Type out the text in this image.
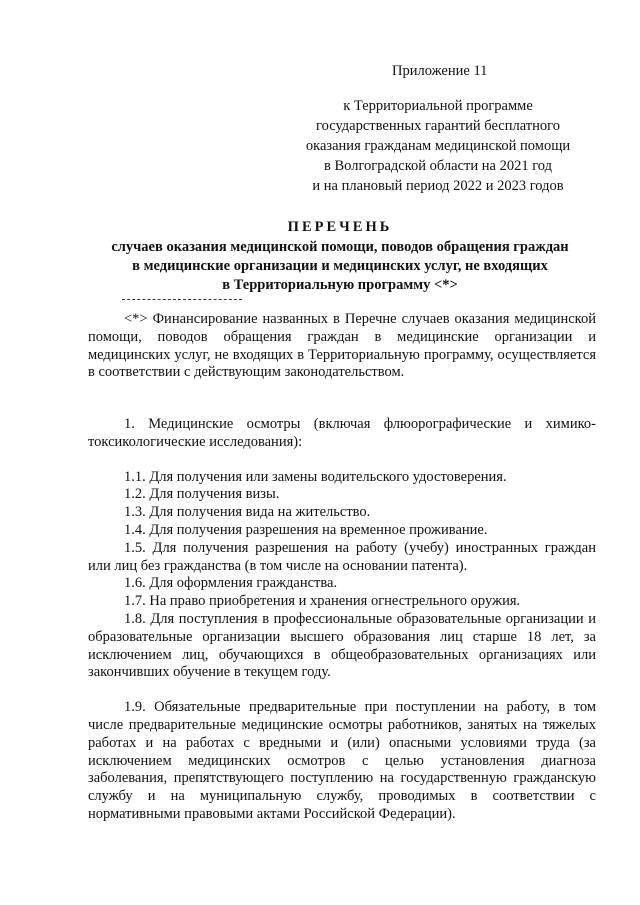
Приложение 11
к Территориальной программе
государственных гарантий бесплатного
оказания гражданам медицинской помощи
в Волгоградской области на 2021 год
и на плановый период 2022 и 2023 годов
ПЕРЕЧЕНЬ
случаев оказания медицинской помощи, поводов обращения граждан
в медицинские организации и медицинских услуг, не входящих
в Территориальную программу <*>

<*> Финансирование названных в Перечне случаев оказания медицинской помощи, поводов обращения граждан в медицинские организации и медицинских услуг, не входящих в Территориальную программу, осуществляется в соответствии с действующим законодательством.

1. Медицинские осмотры (включая флюорографические и химико-токсикологические исследования):

1.1. Для получения или замены водительского удостоверения.

1.2. Для получения визы.

1.3. Для получения вида на жительство.

1.4. Для получения разрешения на временное проживание.

1.5. Для получения разрешения на работу (учебу) иностранных граждан или лиц без гражданства (в том числе на основании патента).

1.6. Для оформления гражданства.

1.7. На право приобретения и хранения огнестрельного оружия.

1.8. Для поступления в профессиональные образовательные организации и образовательные организации высшего образования лиц старше 18 лет, за исключением лиц, обучающихся в общеобразовательных организациях или закончивших обучение в текущем году.

1.9. Обязательные предварительные при поступлении на работу, в том числе предварительные медицинские осмотры работников, занятых на тяжелых работах и на работах с вредными и (или) опасными условиями труда (за исключением медицинских осмотров с целью установления диагноза заболевания, препятствующего поступлению на государственную гражданскую службу и на муниципальную службу, проводимых в соответствии с нормативными правовыми актами Российской Федерации).
